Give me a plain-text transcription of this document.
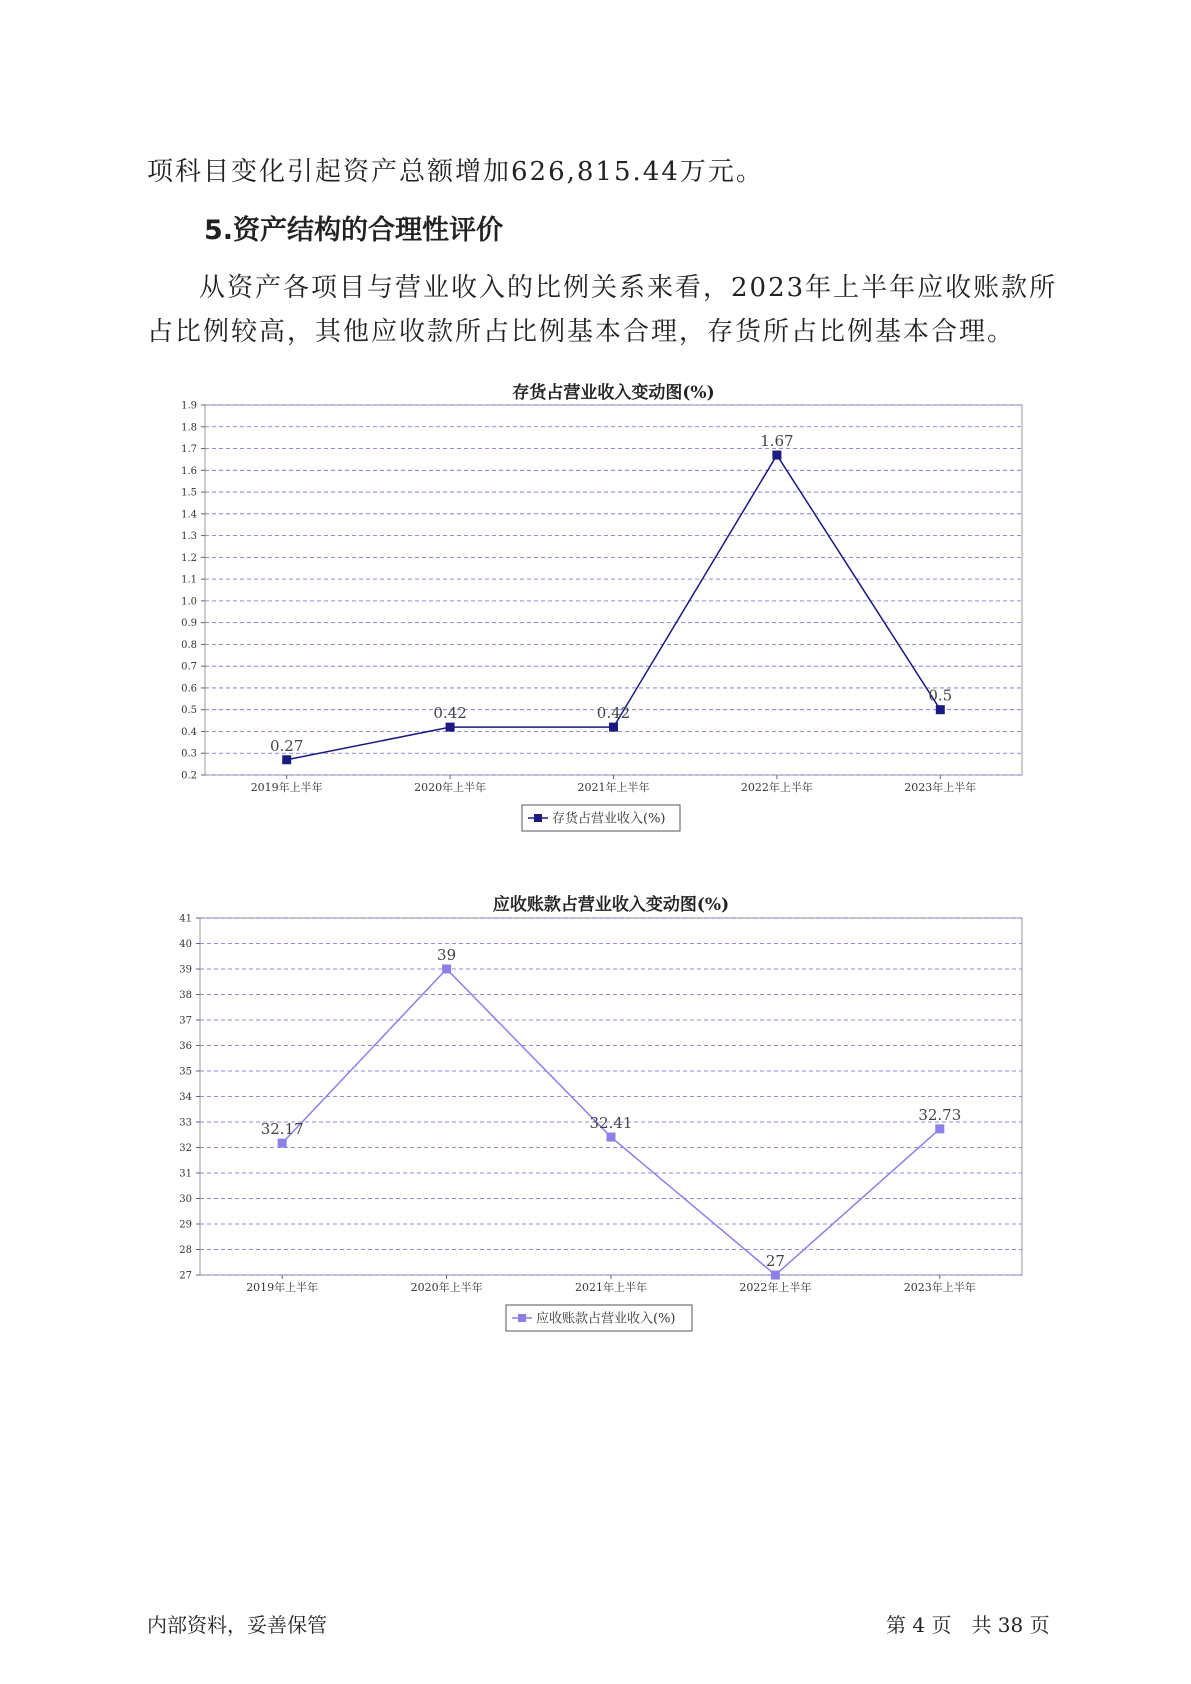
项科目变化引起资产总额增加626,815.44万元。

5.资产结构的合理性评价

从资产各项目与营业收入的比例关系来看，2023年上半年应收账款所占比例较高，其他应收款所占比例基本合理，存货所占比例基本合理。

存货占营业收入变动图(%)
0.2
0.3
0.4
0.5
0.6
0.7
0.8
0.9
1.0
1.1
1.2
1.3
1.4
1.5
1.6
1.7
1.8
1.9
2019年上半年	2020年上半年	2021年上半年	2022年上半年	2023年上半年
0.27
0.42	0.42
1.67
0.5
存货占营业收入(%)
应收账款占营业收入变动图(%)
27
28
29
30
31
32
33
34
35
36
37
38
39
40
41
2019年上半年	2020年上半年	2021年上半年	2022年上半年	2023年上半年
32.17
39
32.41
27
32.73
应收账款占营业收入(%)
内部资料，妥善保管	第 4 页　共 38 页
